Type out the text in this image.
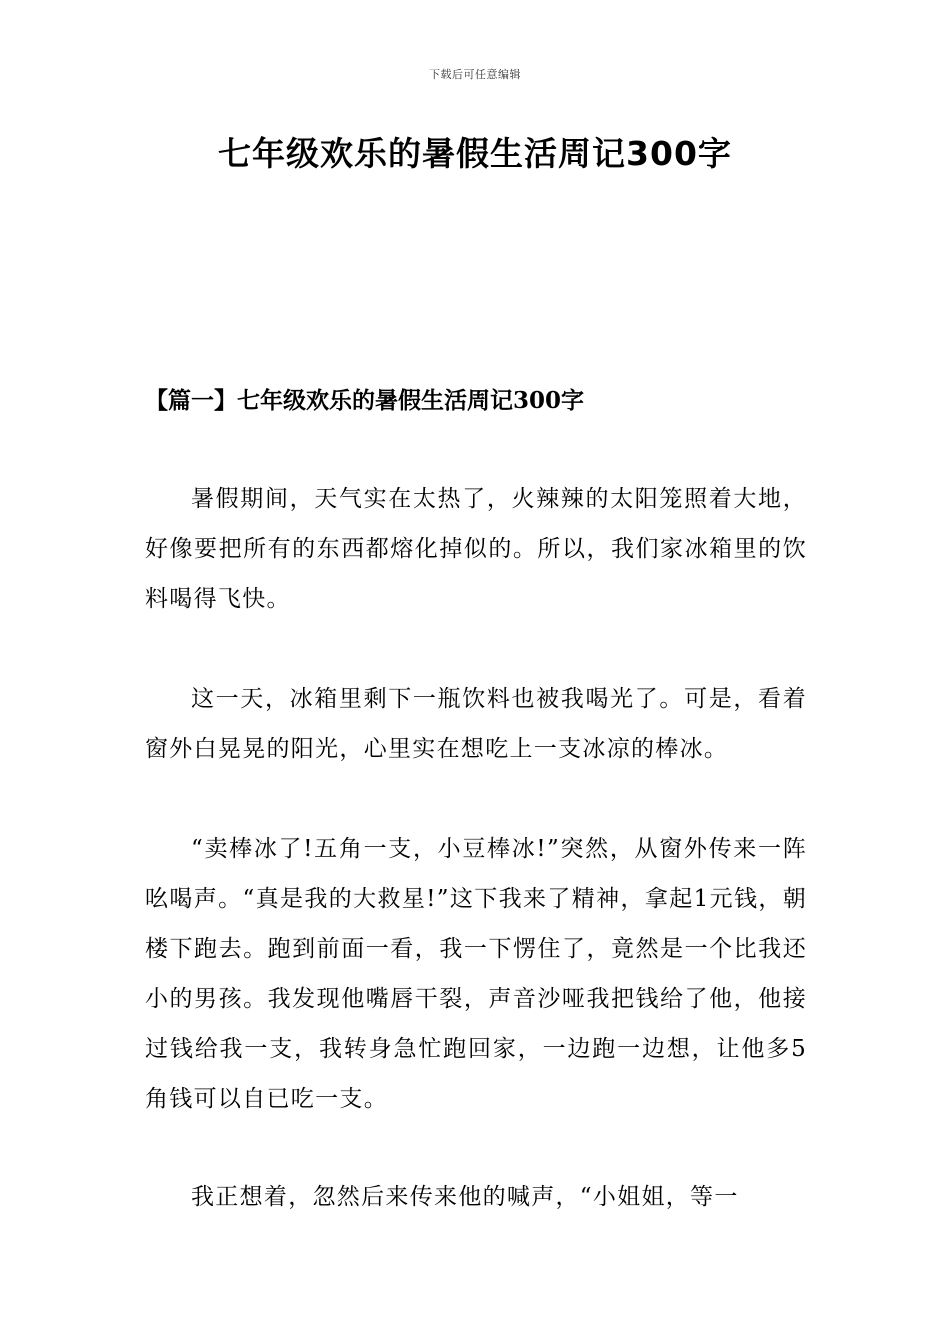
下载后可任意编辑
七年级欢乐的暑假生活周记300字
【篇一】七年级欢乐的暑假生活周记300字

暑假期间，天气实在太热了，火辣辣的太阳笼照着大地，好像要把所有的东西都熔化掉似的。所以，我们家冰箱里的饮料喝得飞快。

这一天，冰箱里剩下一瓶饮料也被我喝光了。可是，看着窗外白晃晃的阳光，心里实在想吃上一支冰凉的棒冰。

“卖棒冰了!五角一支，小豆棒冰!”突然，从窗外传来一阵吆喝声。“真是我的大救星!”这下我来了精神，拿起1元钱，朝楼下跑去。跑到前面一看，我一下愣住了，竟然是一个比我还小的男孩。我发现他嘴唇干裂，声音沙哑我把钱给了他，他接过钱给我一支，我转身急忙跑回家，一边跑一边想，让他多5角钱可以自已吃一支。

我正想着，忽然后来传来他的喊声，“小姐姐，等一
